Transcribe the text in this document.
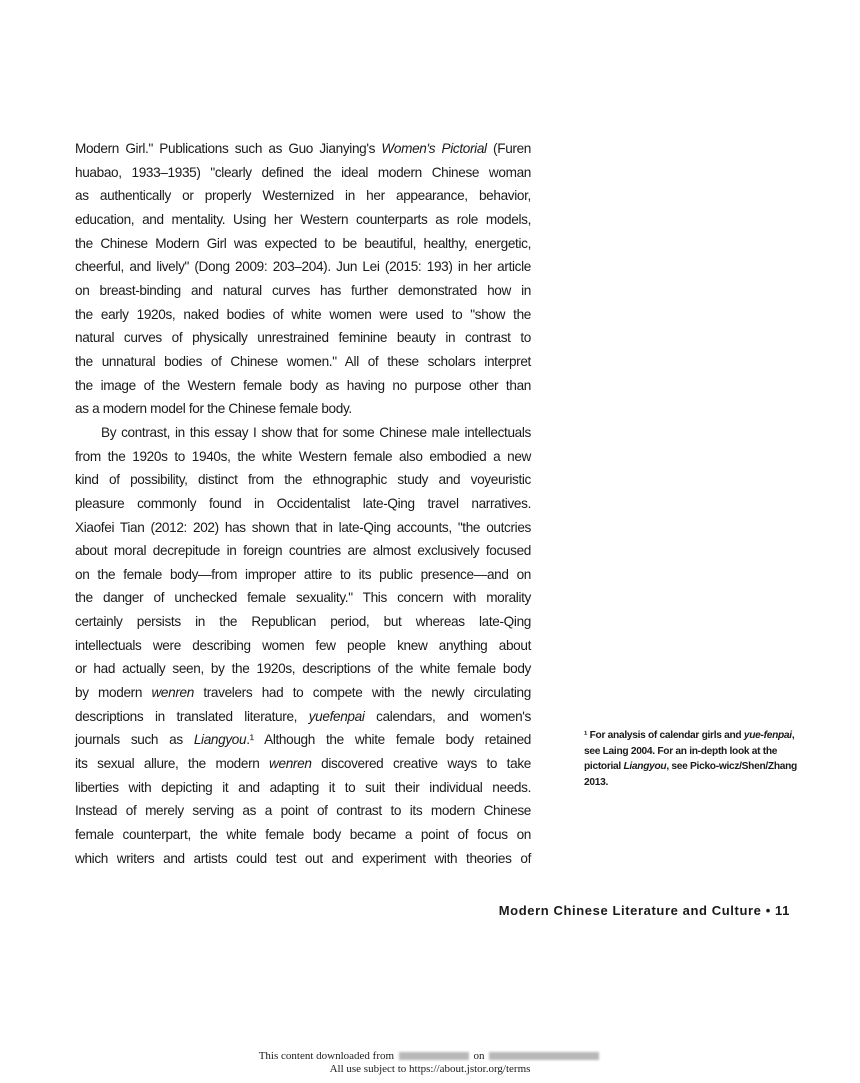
Modern Girl." Publications such as Guo Jianying's Women's Pictorial (Furen
huabao, 1933–1935) "clearly defined the ideal modern Chinese woman
as authentically or properly Westernized in her appearance, behavior,
education, and mentality. Using her Western counterparts as role models,
the Chinese Modern Girl was expected to be beautiful, healthy, energetic,
cheerful, and lively" (Dong 2009: 203–204). Jun Lei (2015: 193) in her article
on breast-binding and natural curves has further demonstrated how in
the early 1920s, naked bodies of white women were used to "show the
natural curves of physically unrestrained feminine beauty in contrast to
the unnatural bodies of Chinese women." All of these scholars interpret
the image of the Western female body as having no purpose other than
as a modern model for the Chinese female body.
By contrast, in this essay I show that for some Chinese male intellectuals
from the 1920s to 1940s, the white Western female also embodied a new
kind of possibility, distinct from the ethnographic study and voyeuristic
pleasure commonly found in Occidentalist late-Qing travel narratives.
Xiaofei Tian (2012: 202) has shown that in late-Qing accounts, "the outcries
about moral decrepitude in foreign countries are almost exclusively focused
on the female body—from improper attire to its public presence—and on
the danger of unchecked female sexuality." This concern with morality
certainly persists in the Republican period, but whereas late-Qing
intellectuals were describing women few people knew anything about
or had actually seen, by the 1920s, descriptions of the white female body
by modern wenren travelers had to compete with the newly circulating
descriptions in translated literature, yuefenpai calendars, and women's
journals such as Liangyou.¹ Although the white female body retained
its sexual allure, the modern wenren discovered creative ways to take
liberties with depicting it and adapting it to suit their individual needs.
Instead of merely serving as a point of contrast to its modern Chinese
female counterpart, the white female body became a point of focus on
which writers and artists could test out and experiment with theories of
¹ For analysis of calendar girls and yue-fenpai, see Laing 2004. For an in-depth look at the pictorial Liangyou, see Picko-wicz/Shen/Zhang 2013.
Modern Chinese Literature and Culture • 11
This content downloaded from	on
All use subject to https://about.jstor.org/terms
